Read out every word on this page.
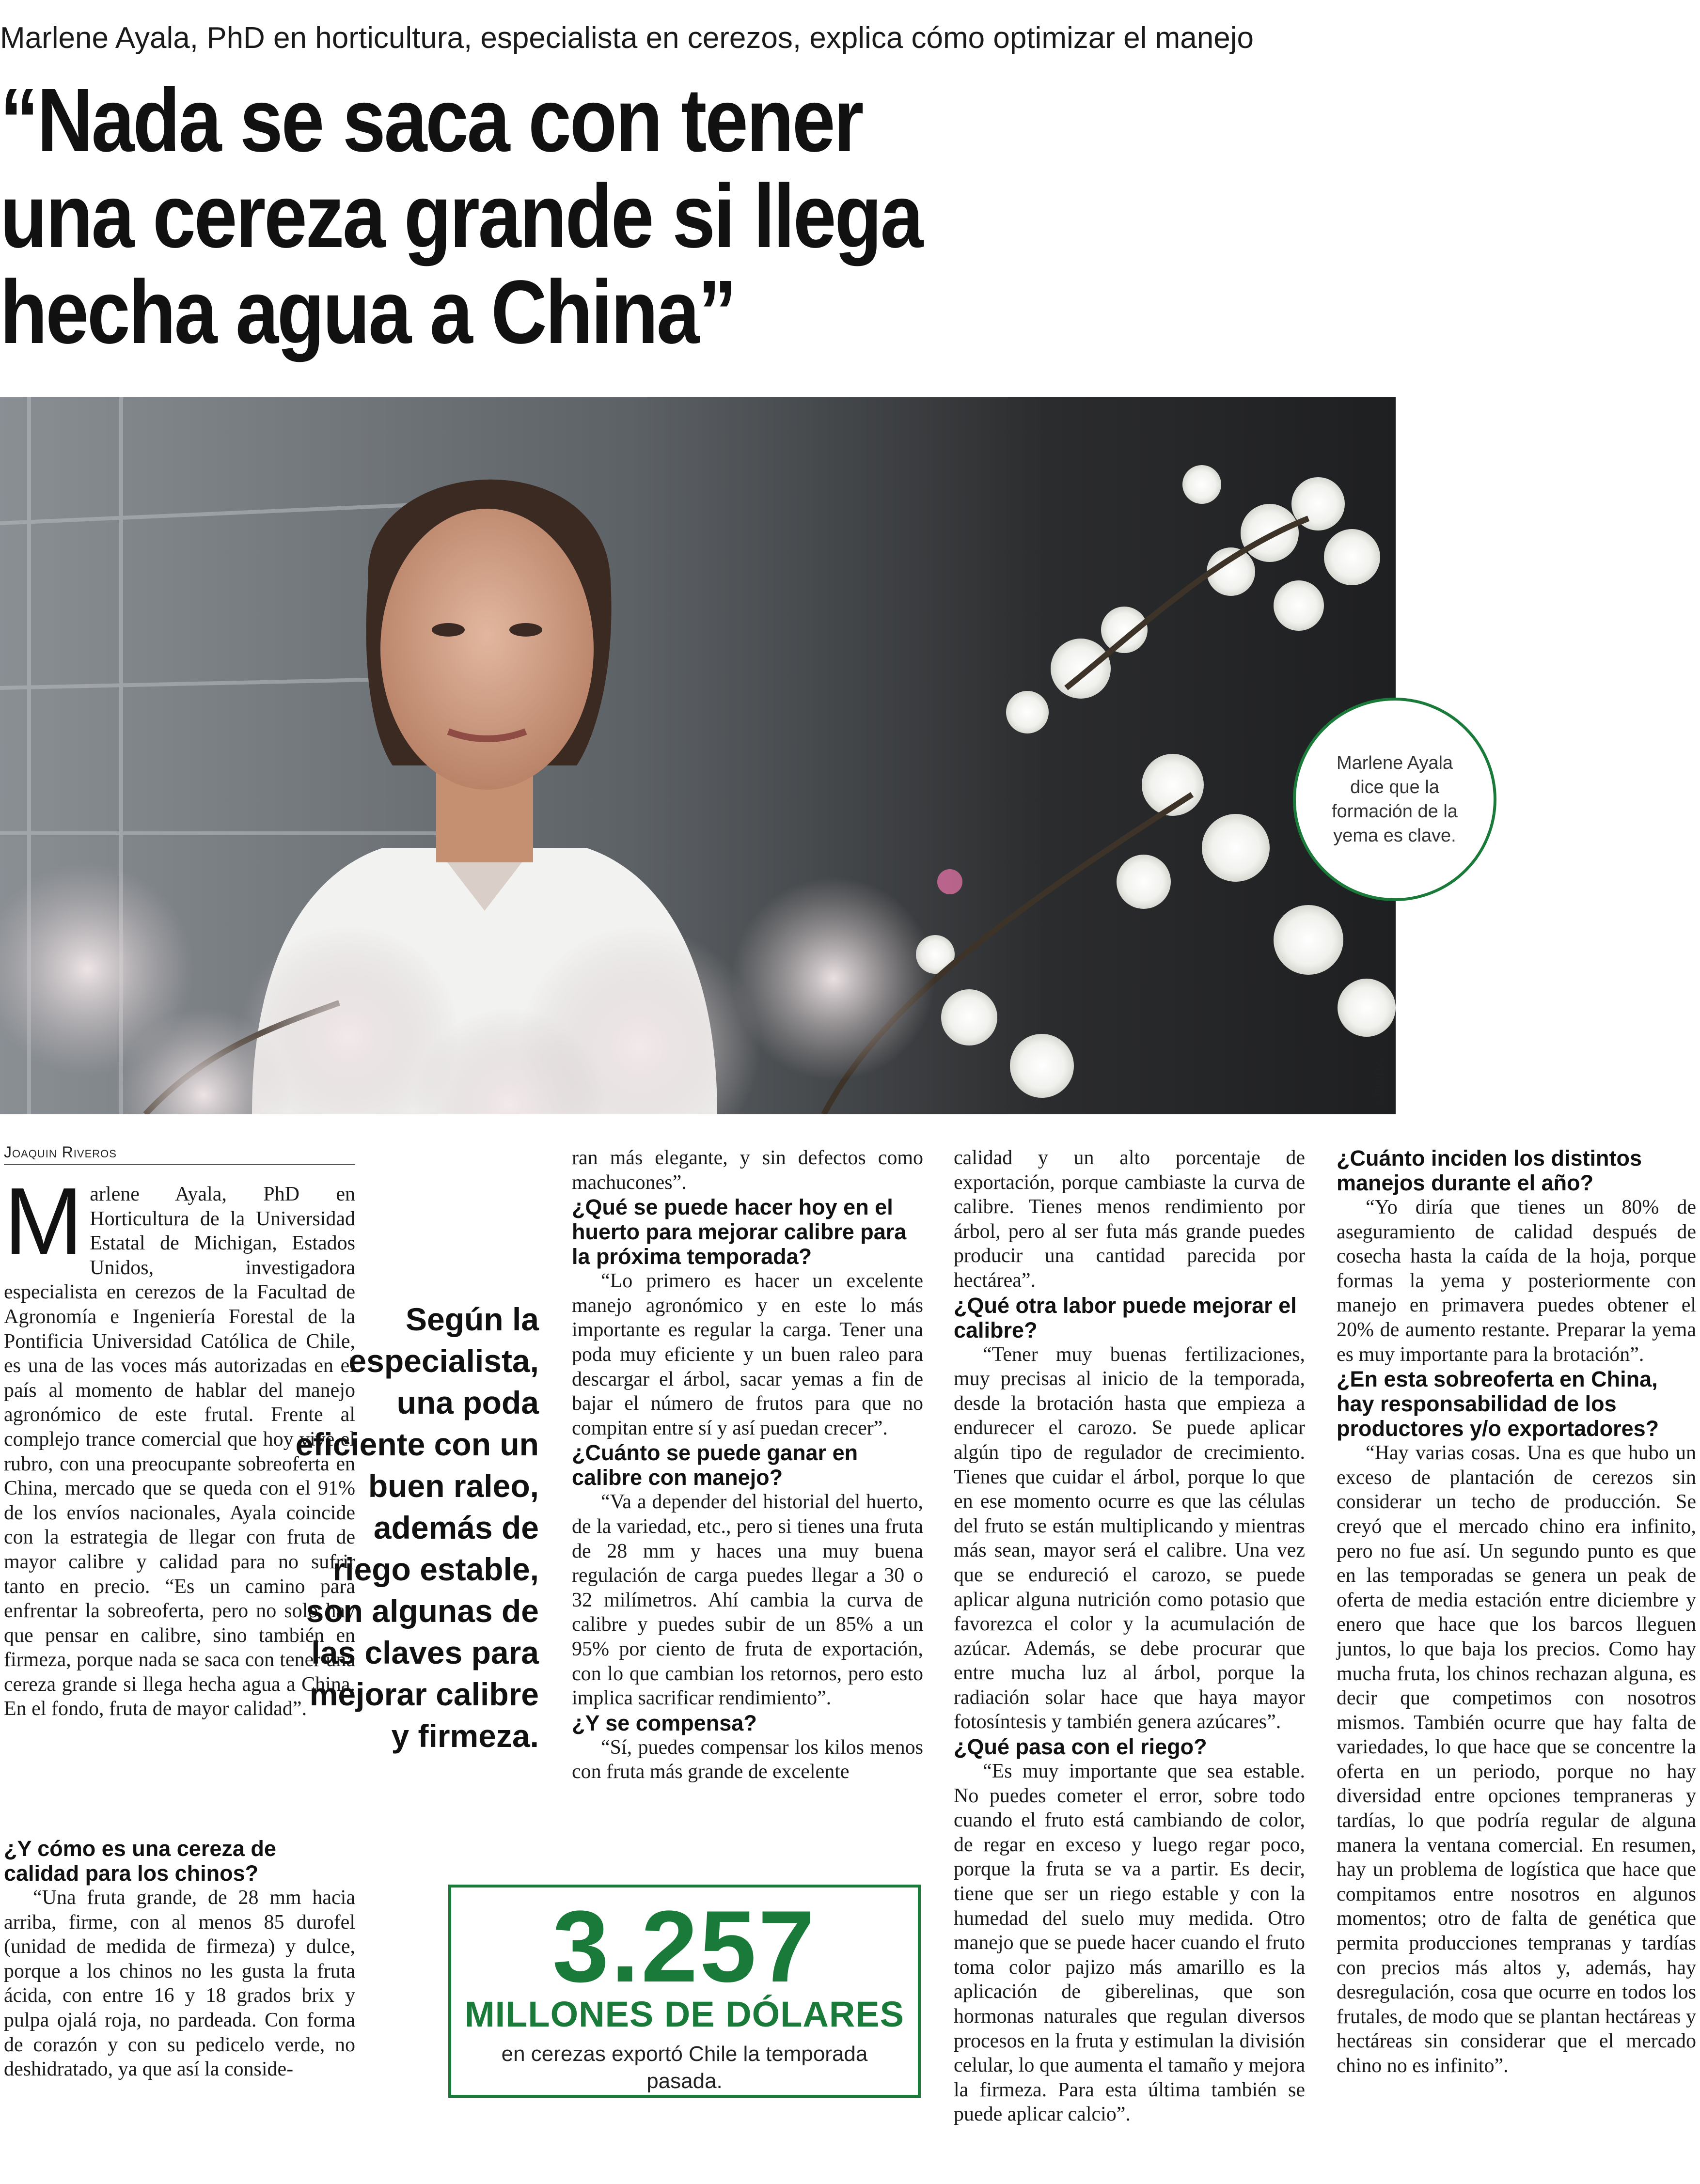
Marlene Ayala, PhD en horticultura, especialista en cerezos, explica cómo optimizar el manejo
“Nada se saca con tener
una cereza grande si llega
hecha agua a China”
CEDIDA
Marlene Ayala dice que la formación de la yema es clave.
Joaquin Riveros
M arlene Ayala, PhD en Horticultura de la Universidad Estatal de Michigan, Estados Unidos, investigadora especialista en cerezos de la Facultad de Agronomía e Ingeniería Forestal de la Pontificia Universidad Católica de Chile, es una de las voces más autorizadas en el país al momento de hablar del manejo agronómico de este frutal. Frente al complejo trance comercial que hoy vive el rubro, con una preocupante sobreoferta en China, mercado que se queda con el 91% de los envíos nacionales, Ayala coincide con la estrategia de llegar con fruta de mayor calibre y calidad para no sufrir tanto en precio. “Es un camino para enfrentar la sobreoferta, pero no solo hay que pensar en calibre, sino también en firmeza, porque nada se saca con tener una cereza grande si llega hecha agua a China. En el fondo, fruta de mayor calidad”.

Según la especialista, una poda eficiente con un buen raleo, además de riego estable, son algunas de las claves para mejorar calibre y firmeza.

¿Y cómo es una cereza de calidad para los chinos?

“Una fruta grande, de 28 mm hacia arriba, firme, con al menos 85 durofel (unidad de medida de firmeza) y dulce, porque a los chinos no les gusta la fruta ácida, con entre 16 y 18 grados brix y pulpa ojalá roja, no pardeada. Con forma de corazón y con su pedicelo verde, no deshidratado, ya que así la conside-

ran más elegante, y sin defectos como machucones”.

¿Qué se puede hacer hoy en el huerto para mejorar calibre para la próxima temporada?

“Lo primero es hacer un excelente manejo agronómico y en este lo más importante es regular la carga. Tener una poda muy eficiente y un buen raleo para descargar el árbol, sacar yemas a fin de bajar el número de frutos para que no compitan entre sí y así puedan crecer”.

¿Cuánto se puede ganar en calibre con manejo?

“Va a depender del historial del huerto, de la variedad, etc., pero si tienes una fruta de 28 mm y haces una muy buena regulación de carga puedes llegar a 30 o 32 milímetros. Ahí cambia la curva de calibre y puedes subir de un 85% a un 95% por ciento de fruta de exportación, con lo que cambian los retornos, pero esto implica sacrificar rendimiento”.

¿Y se compensa?

“Sí, puedes compensar los kilos menos con fruta más grande de excelente

3.257
MILLONES DE DÓLARES
en cerezas exportó Chile la temporada pasada.

calidad y un alto porcentaje de exportación, porque cambiaste la curva de calibre. Tienes menos rendimiento por árbol, pero al ser futa más grande puedes producir una cantidad parecida por hectárea”.

¿Qué otra labor puede mejorar el calibre?

“Tener muy buenas fertilizaciones, muy precisas al inicio de la temporada, desde la brotación hasta que empieza a endurecer el carozo. Se puede aplicar algún tipo de regulador de crecimiento. Tienes que cuidar el árbol, porque lo que en ese momento ocurre es que las células del fruto se están multiplicando y mientras más sean, mayor será el calibre. Una vez que se endureció el carozo, se puede aplicar alguna nutrición como potasio que favorezca el color y la acumulación de azúcar. Además, se debe procurar que entre mucha luz al árbol, porque la radiación solar hace que haya mayor fotosíntesis y también genera azúcares”.

¿Qué pasa con el riego?

“Es muy importante que sea estable. No puedes cometer el error, sobre todo cuando el fruto está cambiando de color, de regar en exceso y luego regar poco, porque la fruta se va a partir. Es decir, tiene que ser un riego estable y con la humedad del suelo muy medida. Otro manejo que se puede hacer cuando el fruto toma color pajizo más amarillo es la aplicación de giberelinas, que son hormonas naturales que regulan diversos procesos en la fruta y estimulan la división celular, lo que aumenta el tamaño y mejora la firmeza. Para esta última también se puede aplicar calcio”.

¿Cuánto inciden los distintos manejos durante el año?

“Yo diría que tienes un 80% de aseguramiento de calidad después de cosecha hasta la caída de la hoja, porque formas la yema y posteriormente con manejo en primavera puedes obtener el 20% de aumento restante. Preparar la yema es muy importante para la brotación”.

¿En esta sobreoferta en China, hay responsabilidad de los productores y/o exportadores?

“Hay varias cosas. Una es que hubo un exceso de plantación de cerezos sin considerar un techo de producción. Se creyó que el mercado chino era infinito, pero no fue así. Un segundo punto es que en las temporadas se genera un peak de oferta de media estación entre diciembre y enero que hace que los barcos lleguen juntos, lo que baja los precios. Como hay mucha fruta, los chinos rechazan alguna, es decir que competimos con nosotros mismos. También ocurre que hay falta de variedades, lo que hace que se concentre la oferta en un periodo, porque no hay diversidad entre opciones tempraneras y tardías, lo que podría regular de alguna manera la ventana comercial. En resumen, hay un problema de logística que hace que compitamos entre nosotros en algunos momentos; otro de falta de genética que permita producciones tempranas y tardías con precios más altos y, además, hay desregulación, cosa que ocurre en todos los frutales, de modo que se plantan hectáreas y hectáreas sin considerar que el mercado chino no es infinito”.
